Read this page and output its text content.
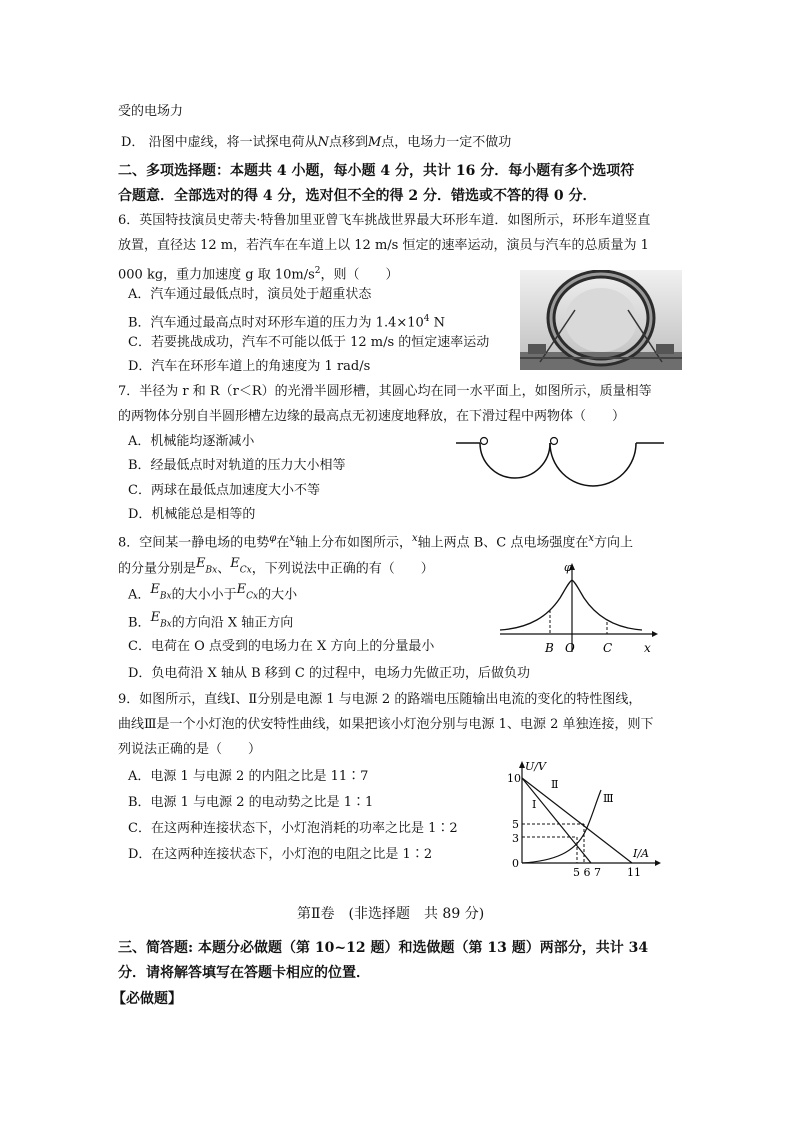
受的电场力
D． 沿图中虚线，将一试探电荷从N点移到M点，电场力一定不做功
二、多项选择题：本题共 4 小题，每小题 4 分，共计 16 分．每小题有多个选项符
合题意．全部选对的得 4 分，选对但不全的得 2 分．错选或不答的得 0 分．
6．英国特技演员史蒂夫·特鲁加里亚曾飞车挑战世界最大环形车道．如图所示，环形车道竖直
放置，直径达 12 m，若汽车在车道上以 12 m/s 恒定的速率运动，演员与汽车的总质量为 1
000 kg，重力加速度 g 取 $10m/s^2$，则（　　）
A．汽车通过最低点时，演员处于超重状态
B．汽车通过最高点时对环形车道的压力为 $1.4\times 10^4$ N
C．若要挑战成功，汽车不可能以低于 12 m/s 的恒定速率运动
D．汽车在环形车道上的角速度为 1 rad/s
7．半径为 r 和 R（r＜R）的光滑半圆形槽，其圆心均在同一水平面上，如图所示，质量相等
的两物体分别自半圆形槽左边缘的最高点无初速度地释放，在下滑过程中两物体（　　）
A．机械能均逐渐减小
B．经最低点时对轨道的压力大小相等
C．两球在最低点加速度大小不等
D．机械能总是相等的
8．空间某一静电场的电势$^\varphi$在$^x$轴上分布如图所示，$^x$轴上两点 B、C 点电场强度在$^x$方向上
的分量分别是EBx、ECx，下列说法中正确的有（　　）
A．EBx的大小小于ECx的大小
B．EBx的方向沿 X 轴正方向
C．电荷在 O 点受到的电场力在 X 方向上的分量最小
D．负电荷沿 X 轴从 B 移到 C 的过程中，电场力先做正功，后做负功
φ
B O C	x
9．如图所示，直线Ⅰ、Ⅱ分别是电源 1 与电源 2 的路端电压随输出电流的变化的特性图线，
曲线Ⅲ是一个小灯泡的伏安特性曲线，如果把该小灯泡分别与电源 1、电源 2 单独连接，则下
列说法正确的是（　　）
A．电源 1 与电源 2 的内阻之比是 11∶7
B．电源 1 与电源 2 的电动势之比是 1∶1
C．在这两种连接状态下，小灯泡消耗的功率之比是 1∶2
D．在这两种连接状态下，小灯泡的电阻之比是 1∶2
U/V
I/A
10
5
3
0
5 6 7 11
Ⅰ
Ⅱ
Ⅲ
第Ⅱ卷　(非选择题　共 89 分)
三、简答题: 本题分必做题（第 10~12 题）和选做题（第 13 题）两部分，共计 34
分．请将解答填写在答题卡相应的位置．
【必做题】
